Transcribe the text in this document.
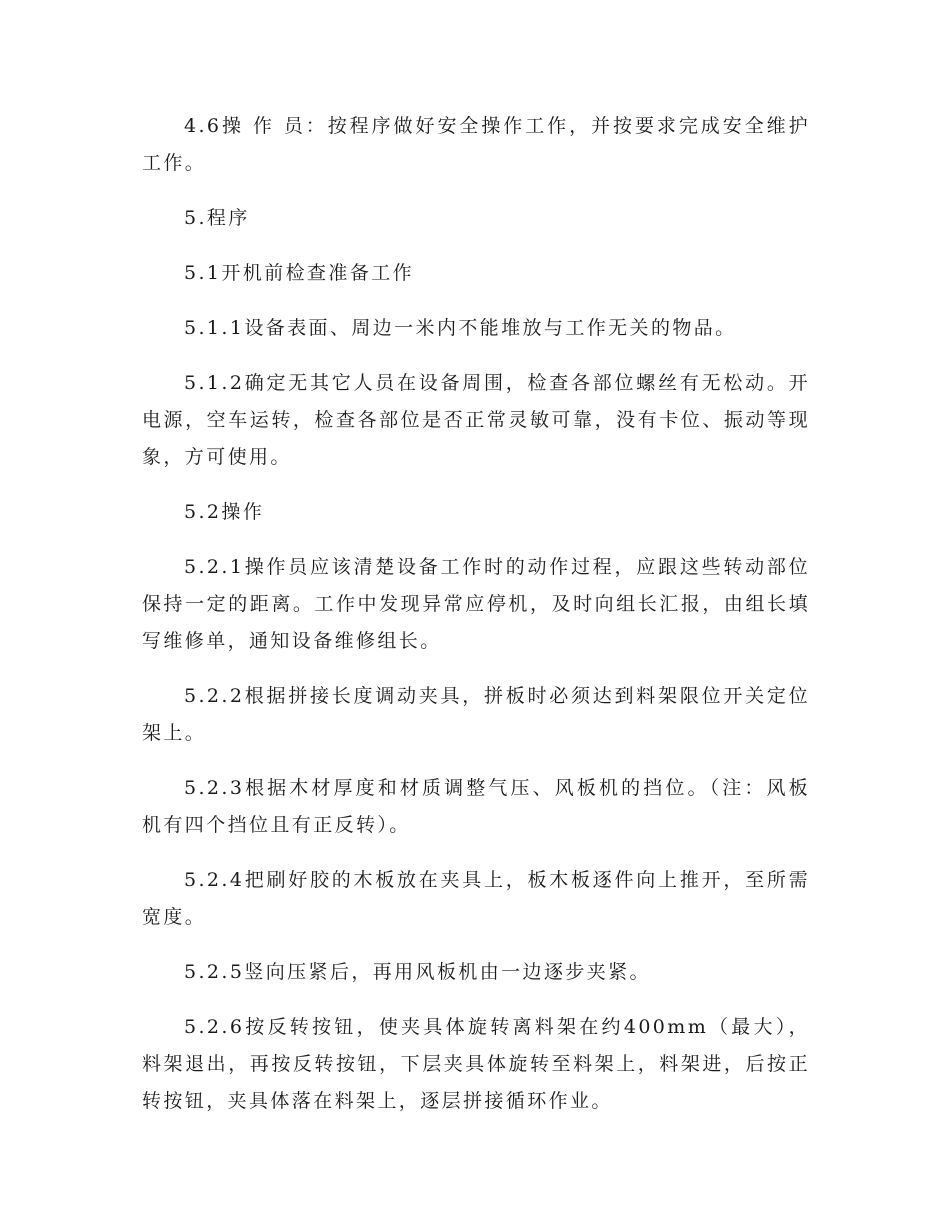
4.6操 作 员：按程序做好安全操作工作，并按要求完成安全维护工作。

5.程序

5.1开机前检查准备工作

5.1.1设备表面、周边一米内不能堆放与工作无关的物品。

5.1.2确定无其它人员在设备周围，检查各部位螺丝有无松动。开电源，空车运转，检查各部位是否正常灵敏可靠，没有卡位、振动等现象，方可使用。

5.2操作

5.2.1操作员应该清楚设备工作时的动作过程，应跟这些转动部位保持一定的距离。工作中发现异常应停机，及时向组长汇报，由组长填写维修单，通知设备维修组长。

5.2.2根据拼接长度调动夹具，拼板时必须达到料架限位开关定位架上。

5.2.3根据木材厚度和材质调整气压、风板机的挡位。（注：风板机有四个挡位且有正反转）。

5.2.4把刷好胶的木板放在夹具上，板木板逐件向上推开，至所需宽度。

5.2.5竖向压紧后，再用风板机由一边逐步夹紧。

5.2.6按反转按钮，使夹具体旋转离料架在约400mm（最大），料架退出，再按反转按钮，下层夹具体旋转至料架上，料架进，后按正转按钮，夹具体落在料架上，逐层拼接循环作业。
